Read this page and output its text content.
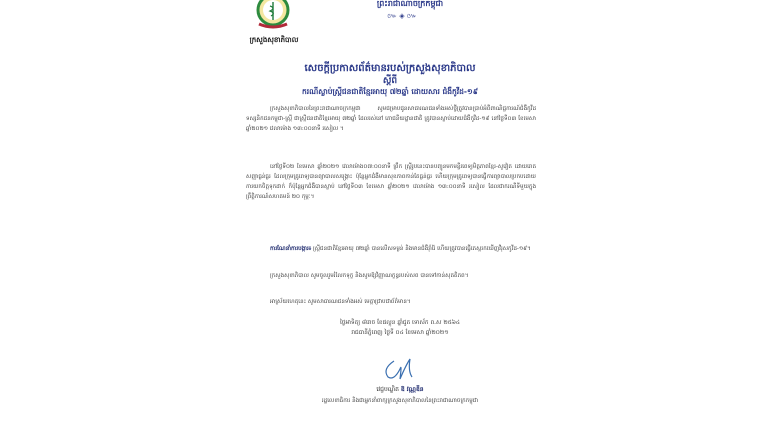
ក្រសួងសុខាភិបាល
ព្រះរាជាណាចក្រកម្ពុជា
៚ ◈ ៚
សេចក្ដីប្រកាសព័ត៌មានរបស់ក្រសួងសុខាភិបាល
ស្ដីពី
ករណីស្លាប់ស្ត្រីជនជាតិខ្មែរអាយុ ៧២ឆ្នាំ ដោយសារ ជំងឺកូវីដ-១៩

ក្រសួងសុខាភិបាលនៃព្រះរាជាណាចក្រកម្ពុជា សូមជម្រាបជូនសាធារណជនទាំងអស់ថ្វីត្រូវបានប្រាប់អំពីពាណិជ្ជការណ៍ជំងឺកូវីដ ទស្សនិកជនកម្ពុជា-ស្ត្រី ជាស្ត្រីជនជាតិខ្មែរអាយុ ៧២ឆ្នាំ ដែលរស់នៅ ភោជនីយដ្ឋានជាតិ ត្រូវបានស្លាប់ដោយជំងឺកូវីដ-១៩ នៅថ្ងៃទី០៣ ខែមេសា ឆ្នាំ២០២១ វេលាម៉ោង ១៣:០០នាទី រសៀល ។

នៅថ្ងៃទី០២ ខែមេសា ឆ្នាំ២០២១ វេលាម៉ោង០៧:០០នាទី ព្រឹក ស្ត្រីរូបនេះបានបញ្ជូនមកមន្ទីរពេទ្យមិត្តភាពខ្មែរ-សូវៀត ដោយរោគសញ្ញាធ្ងន់ធ្ងរ ដែលក្រុមគ្រូពេទ្យបានព្យាបាលសង្គ្រោះ ប៉ុន្តែអ្នកជំងឺមានសុខភាពកាន់តែធ្ងន់ធ្ងរ ហើយក្រុមគ្រូពេទ្យបានធ្វើការព្យាបាលប្រកបដោយការយកចិត្តទុកដាក់ ក៏ប៉ុន្តែអ្នកជំងឺបានស្លាប់ នៅថ្ងៃទី០៣ ខែមេសា ឆ្នាំ២០២១ វេលាម៉ោង ១៣:០០នាទី រសៀល ដែលជាករណីទីមួយក្នុងព្រឹត្តិការណ៍សហគមន៍ ២០ កុម្ភៈ។

ការណែនាំការបង្ការ៖ ស្ត្រីជនជាតិខ្មែរអាយុ ៧២ឆ្នាំ បានលើសទម្ងន់ និងមានជំងឺរ៉ាំរ៉ៃ ហើយត្រូវបានធ្វើតេស្តរកឃើញវីរុសកូវីដ-១៩។

ក្រសួងសុខាភិបាល សូមចូលរួមរំលែកទុក្ខ និងសូមឱ្យវិញ្ញាណក្ខន្ធរបស់សព បានទៅកាន់សុគតិភព។

អាស្រ័យហេតុនេះ សូមសាធារណជនទាំងអស់ មេត្តាជ្រាបជាព័ត៌មាន។

ថ្ងៃអាទិត្យ ៨រោច ខែផល្គុន ឆ្នាំជូត ទោស័ក ព.ស ២៥៦៤
រាជធានីភ្នំពេញ ថ្ងៃទី ០៤ ខែមេសា ឆ្នាំ២០២១
វេជ្ជបណ្ឌិត ឱ វណ្ណឌីន
រដ្ឋលេខាធិការ និងជាអ្នកនាំពាក្យក្រសួងសុខាភិបាលនៃព្រះរាជាណាចក្រកម្ពុជា
